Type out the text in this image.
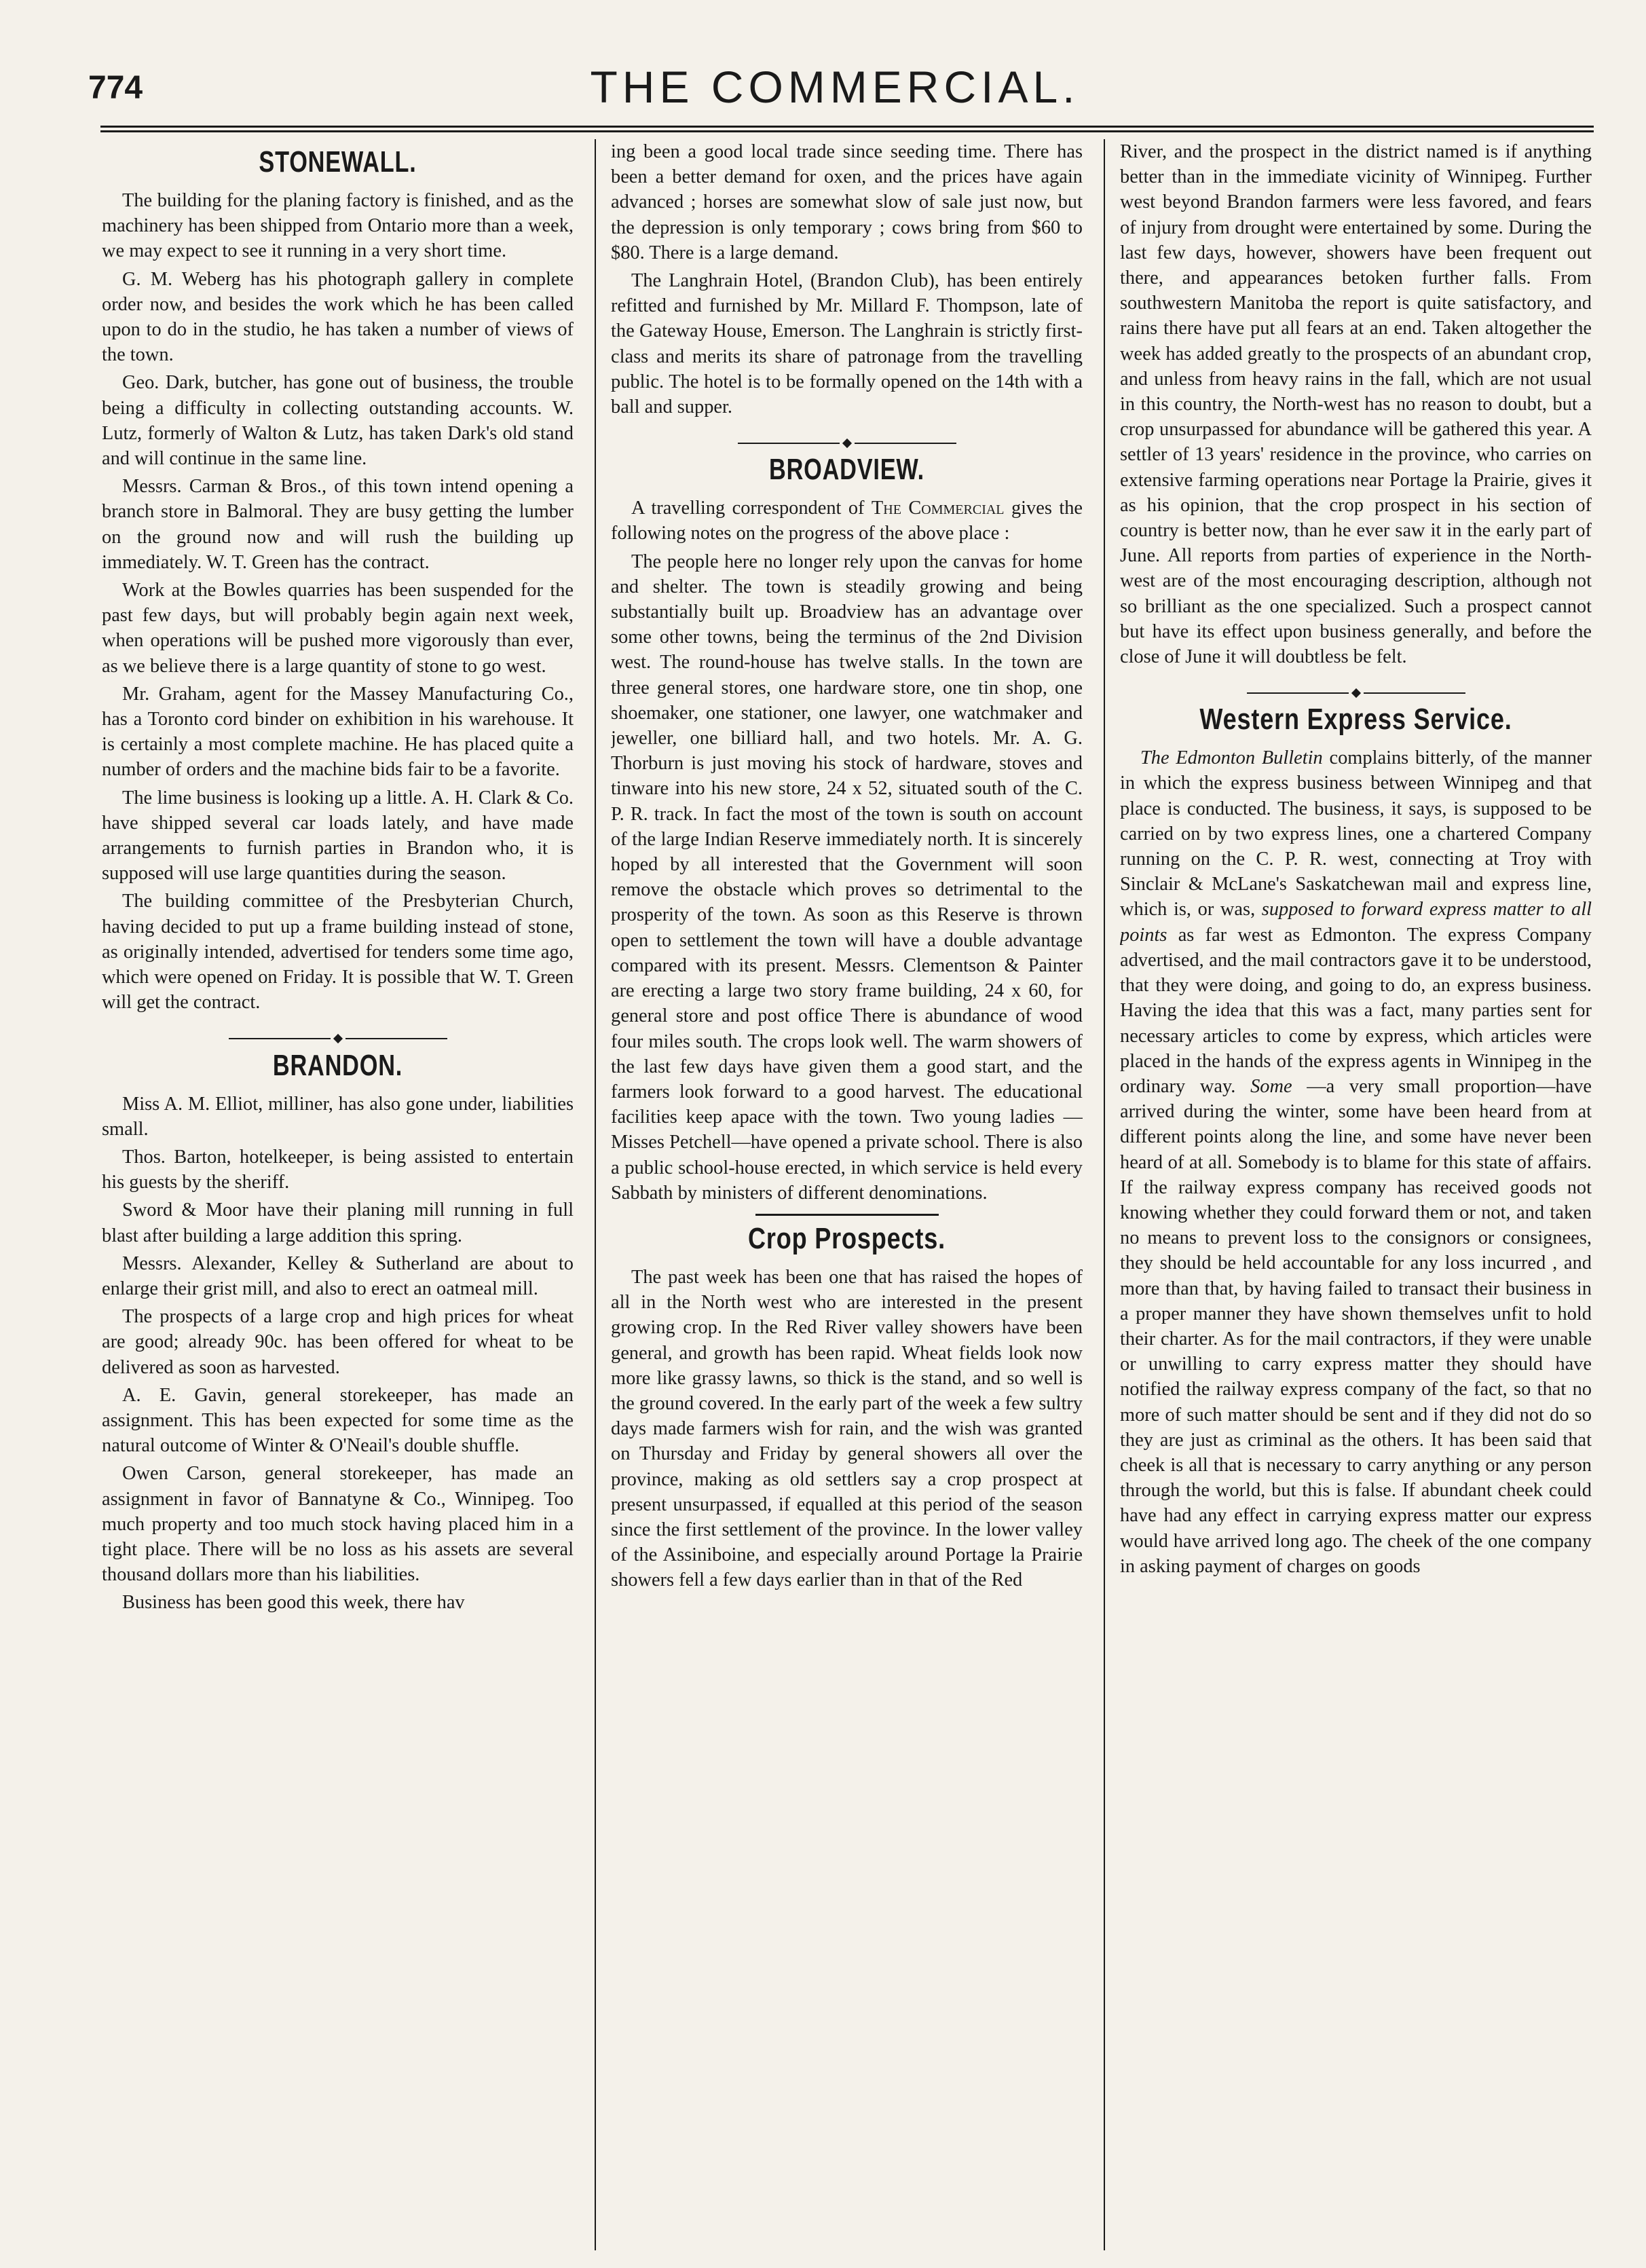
774	THE COMMERCIAL.
STONEWALL.

The building for the planing factory is finished, and as the machinery has been shipped from Ontario more than a week, we may expect to see it running in a very short time.

G. M. Weberg has his photograph gallery in complete order now, and besides the work which he has been called upon to do in the studio, he has taken a number of views of the town.

Geo. Dark, butcher, has gone out of business, the trouble being a difficulty in collecting outstanding accounts. W. Lutz, formerly of Walton & Lutz, has taken Dark's old stand and will continue in the same line.

Messrs. Carman & Bros., of this town intend opening a branch store in Balmoral. They are busy getting the lumber on the ground now and will rush the building up immediately. W. T. Green has the contract.

Work at the Bowles quarries has been suspended for the past few days, but will probably begin again next week, when operations will be pushed more vigorously than ever, as we believe there is a large quantity of stone to go west.

Mr. Graham, agent for the Massey Manufacturing Co., has a Toronto cord binder on exhibition in his warehouse. It is certainly a most complete machine. He has placed quite a number of orders and the machine bids fair to be a favorite.

The lime business is looking up a little. A. H. Clark & Co. have shipped several car loads lately, and have made arrangements to furnish parties in Brandon who, it is supposed will use large quantities during the season.

The building committee of the Presbyterian Church, having decided to put up a frame building instead of stone, as originally intended, advertised for tenders some time ago, which were opened on Friday. It is possible that W. T. Green will get the contract.

BRANDON.

Miss A. M. Elliot, milliner, has also gone under, liabilities small.

Thos. Barton, hotelkeeper, is being assisted to entertain his guests by the sheriff.

Sword & Moor have their planing mill running in full blast after building a large addition this spring.

Messrs. Alexander, Kelley & Sutherland are about to enlarge their grist mill, and also to erect an oatmeal mill.

The prospects of a large crop and high prices for wheat are good; already 90c. has been offered for wheat to be delivered as soon as harvested.

A. E. Gavin, general storekeeper, has made an assignment. This has been expected for some time as the natural outcome of Winter & O'Neail's double shuffle.

Owen Carson, general storekeeper, has made an assignment in favor of Bannatyne & Co., Winnipeg. Too much property and too much stock having placed him in a tight place. There will be no loss as his assets are several thousand dollars more than his liabilities.

Business has been good this week, there hav

ing been a good local trade since seeding time. There has been a better demand for oxen, and the prices have again advanced ; horses are somewhat slow of sale just now, but the depression is only temporary ; cows bring from $60 to $80. There is a large demand.

The Langhrain Hotel, (Brandon Club), has been entirely refitted and furnished by Mr. Millard F. Thompson, late of the Gateway House, Emerson. The Langhrain is strictly first-class and merits its share of patronage from the travelling public. The hotel is to be formally opened on the 14th with a ball and supper.

BROADVIEW.

A travelling correspondent of The Commercial gives the following notes on the progress of the above place :

The people here no longer rely upon the canvas for home and shelter. The town is steadily growing and being substantially built up. Broadview has an advantage over some other towns, being the terminus of the 2nd Division west. The round-house has twelve stalls. In the town are three general stores, one hardware store, one tin shop, one shoemaker, one stationer, one lawyer, one watchmaker and jeweller, one billiard hall, and two hotels. Mr. A. G. Thorburn is just moving his stock of hardware, stoves and tinware into his new store, 24 x 52, situated south of the C. P. R. track. In fact the most of the town is south on account of the large Indian Reserve immediately north. It is sincerely hoped by all interested that the Government will soon remove the obstacle which proves so detrimental to the prosperity of the town. As soon as this Reserve is thrown open to settlement the town will have a double advantage compared with its present. Messrs. Clementson & Painter are erecting a large two story frame building, 24 x 60, for general store and post office There is abundance of wood four miles south. The crops look well. The warm showers of the last few days have given them a good start, and the farmers look forward to a good harvest. The educational facilities keep apace with the town. Two young ladies —Misses Petchell—have opened a private school. There is also a public school-house erected, in which service is held every Sabbath by ministers of different denominations.

Crop Prospects.

The past week has been one that has raised the hopes of all in the North west who are interested in the present growing crop. In the Red River valley showers have been general, and growth has been rapid. Wheat fields look now more like grassy lawns, so thick is the stand, and so well is the ground covered. In the early part of the week a few sultry days made farmers wish for rain, and the wish was granted on Thursday and Friday by general showers all over the province, making as old settlers say a crop prospect at present unsurpassed, if equalled at this period of the season since the first settlement of the province. In the lower valley of the Assiniboine, and especially around Portage la Prairie showers fell a few days earlier than in that of the Red

River, and the prospect in the district named is if anything better than in the immediate vicinity of Winnipeg. Further west beyond Brandon farmers were less favored, and fears of injury from drought were entertained by some. During the last few days, however, showers have been frequent out there, and appearances betoken further falls. From southwestern Manitoba the report is quite satisfactory, and rains there have put all fears at an end. Taken altogether the week has added greatly to the prospects of an abundant crop, and unless from heavy rains in the fall, which are not usual in this country, the North-west has no reason to doubt, but a crop unsurpassed for abundance will be gathered this year. A settler of 13 years' residence in the province, who carries on extensive farming operations near Portage la Prairie, gives it as his opinion, that the crop prospect in his section of country is better now, than he ever saw it in the early part of June. All reports from parties of experience in the North-west are of the most encouraging description, although not so brilliant as the one specialized. Such a prospect cannot but have its effect upon business generally, and before the close of June it will doubtless be felt.

Western Express Service.

The Edmonton Bulletin complains bitterly, of the manner in which the express business between Winnipeg and that place is conducted. The business, it says, is supposed to be carried on by two express lines, one a chartered Company running on the C. P. R. west, connecting at Troy with Sinclair & McLane's Saskatchewan mail and express line, which is, or was, supposed to forward express matter to all points as far west as Edmonton. The express Company advertised, and the mail contractors gave it to be understood, that they were doing, and going to do, an express business. Having the idea that this was a fact, many parties sent for necessary articles to come by express, which articles were placed in the hands of the express agents in Winnipeg in the ordinary way. Some —a very small proportion—have arrived during the winter, some have been heard from at different points along the line, and some have never been heard of at all. Somebody is to blame for this state of affairs. If the railway express company has received goods not knowing whether they could forward them or not, and taken no means to prevent loss to the consignors or consignees, they should be held accountable for any loss incurred , and more than that, by having failed to transact their business in a proper manner they have shown themselves unfit to hold their charter. As for the mail contractors, if they were unable or unwilling to carry express matter they should have notified the railway express company of the fact, so that no more of such matter should be sent and if they did not do so they are just as criminal as the others. It has been said that cheek is all that is necessary to carry anything or any person through the world, but this is false. If abundant cheek could have had any effect in carrying express matter our express would have arrived long ago. The cheek of the one company in asking payment of charges on goods
